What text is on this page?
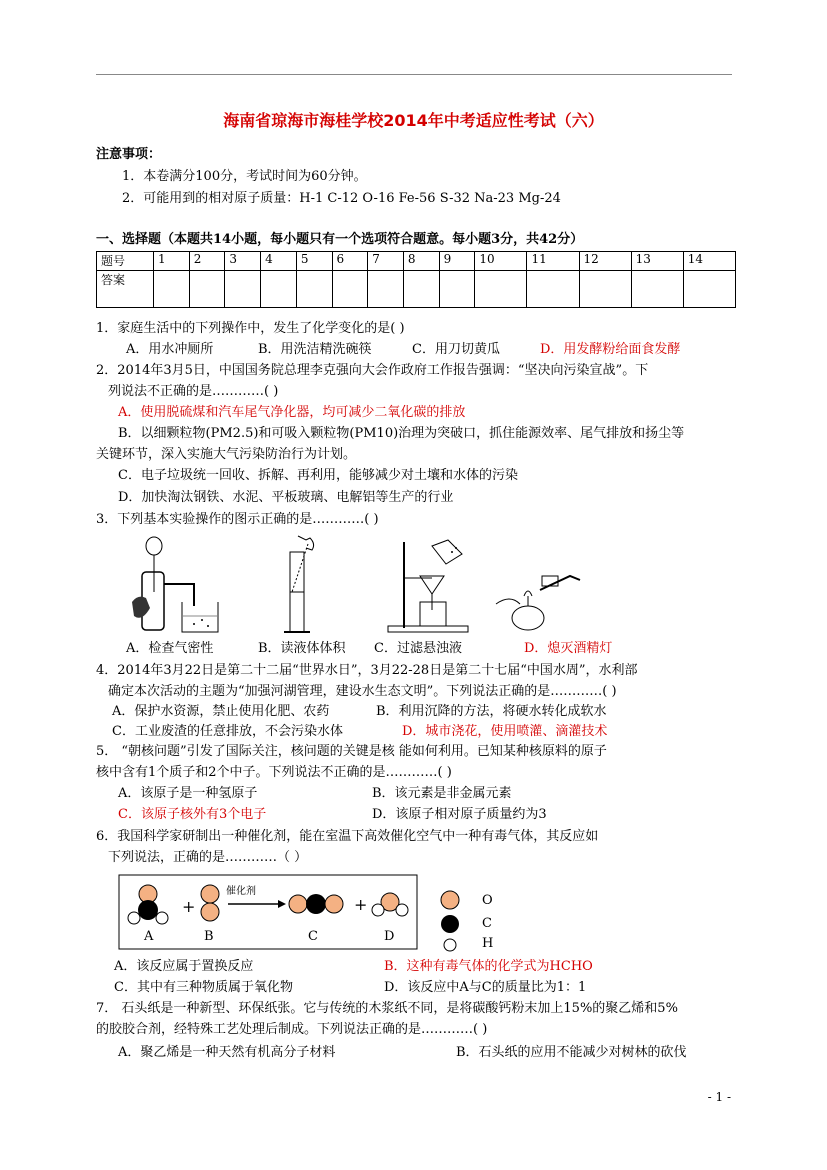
海南省琼海市海桂学校2014年中考适应性考试（六）
注意事项：
1．本卷满分100分，考试时间为60分钟。
2．可能用到的相对原子质量：H-1 C-12 O-16 Fe-56 S-32 Na-23 Mg-24
一、选择题（本题共14小题，每小题只有一个选项符合题意。每小题3分，共42分）
题号	1	2	3	4	5	6	7	8	9	10	11	12	13	14
答案														
1．家庭生活中的下列操作中，发生了化学变化的是( )
A．用水冲厕所	B．用洗洁精洗碗筷	C．用刀切黄瓜	D．用发酵粉给面食发酵
2．2014年3月5日，中国国务院总理李克强向大会作政府工作报告强调：“坚决向污染宣战”。下
列说法不正确的是…………( )
A．使用脱硫煤和汽车尾气净化器，均可减少二氧化碳的排放
B．以细颗粒物(PM2.5)和可吸入颗粒物(PM10)治理为突破口，抓住能源效率、尾气排放和扬尘等
关键环节，深入实施大气污染防治行为计划。
C．电子垃圾统一回收、拆解、再利用，能够减少对土壤和水体的污染
D．加快淘汰钢铁、水泥、平板玻璃、电解铝等生产的行业
3．下列基本实验操作的图示正确的是…………( )
A．检查气密性	B．读液体体积 C．过滤悬浊液	D．熄灭酒精灯
4．2014年3月22日是第二十二届“世界水日”，3月22-28日是第二十七届“中国水周”，水利部
确定本次活动的主题为“加强河湖管理，建设水生态文明”。下列说法正确的是…………( )
A．保护水资源，禁止使用化肥、农药	B．利用沉降的方法，将硬水转化成软水
C．工业废渣的任意排放，不会污染水体	D．城市浇花，使用喷灌、滴灌技术
5． “朝核问题”引发了国际关注，核问题的关键是核 能如何利用。已知某种核原料的原子
核中含有1个质子和2个中子。下列说法不正确的是…………( )
A．该原子是一种氢原子	B．该元素是非金属元素
C．该原子核外有3个电子	D．该原子相对原子质量约为3
6．我国科学家研制出一种催化剂，能在室温下高效催化空气中一种有毒气体，其反应如
下列说法，正确的是…………（ ）
+	+
催化剂
A	B	C	D
O
C
H
A．该反应属于置换反应	B．这种有毒气体的化学式为HCHO
C．其中有三种物质属于氧化物	D．该反应中A与C的质量比为1：1
7． 石头纸是一种新型、环保纸张。它与传统的木浆纸不同，是将碳酸钙粉末加上15%的聚乙烯和5%
的胶胶合剂，经特殊工艺处理后制成。下列说法正确的是…………( )
A．聚乙烯是一种天然有机高分子材料	B．石头纸的应用不能减少对树林的砍伐
- 1 -
